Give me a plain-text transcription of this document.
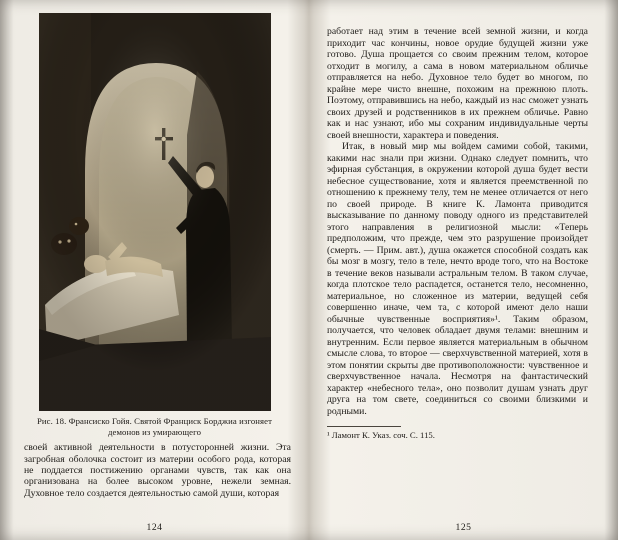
Рис. 18. Франсиско Гойя. Святой Франциск Борджиа изгоняет демонов из умирающего
своей активной деятельности в потусторонней жизни. Эта загробная оболочка состоит из материи особого рода, которая не поддается постижению органами чувств, так как она организована на более высоком уровне, нежели земная. Духовное тело создается деятельностью самой души, которая
124

работает над этим в течение всей земной жизни, и когда приходит час кончины, новое орудие будущей жизни уже готово. Душа прощается со своим прежним телом, которое отходит в могилу, а сама в новом материальном обличье отправляется на небо. Духовное тело будет во многом, по крайне мере чисто внешне, похожим на прежнюю плоть. Поэтому, отправившись на небо, каждый из нас сможет узнать своих друзей и родственников в их прежнем обличье. Равно как и нас узнают, ибо мы сохраним индивидуальные черты своей внешности, характера и поведения.

Итак, в новый мир мы войдем самими собой, такими, какими нас знали при жизни. Однако следует помнить, что эфирная субстанция, в окружении которой душа будет вести небесное существование, хотя и является преемственной по отношению к прежнему телу, тем не менее отличается от него по своей природе. В книге К. Ламонта приводится высказывание по данному поводу одного из представителей этого направления в религиозной мысли: «Теперь предположим, что прежде, чем это разрушение произойдет (смерть. — Прим. авт.), душа окажется способной создать как бы мозг в мозгу, тело в теле, нечто вроде того, что на Востоке в течение веков называли астральным телом. В таком случае, когда плотское тело распадется, останется тело, несомненно, материальное, но сложенное из материи, ведущей себя совершенно иначе, чем та, с которой имеют дело наши обычные чувственные восприятия»¹. Таким образом, получается, что человек обладает двумя телами: внешним и внутренним. Если первое является материальным в обычном смысле слова, то второе — сверхчувственной материей, хотя в этом понятии скрыты две противоположности: чувственное и сверхчувственное начала. Несмотря на фантастический характер «небесного тела», оно позволит душам узнать друг друга на том свете, соединиться со своими близкими и родными.

¹ Ламонт К. Указ. соч. С. 115.
125
